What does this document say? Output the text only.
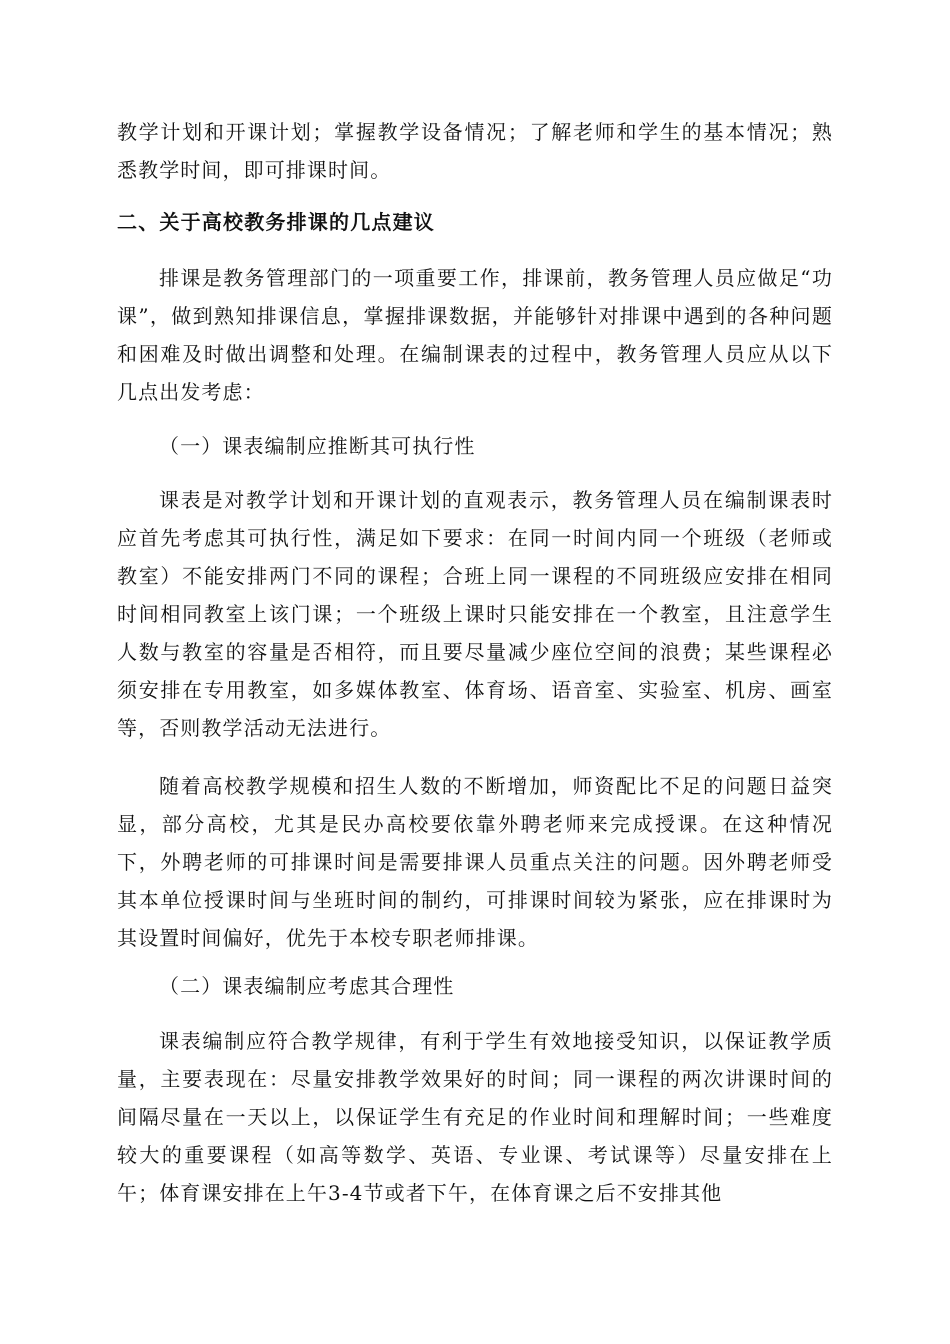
教学计划和开课计划；掌握教学设备情况；了解老师和学生的基本情况；熟悉教学时间，即可排课时间。

二、关于高校教务排课的几点建议

排课是教务管理部门的一项重要工作，排课前，教务管理人员应做足“功课”，做到熟知排课信息，掌握排课数据，并能够针对排课中遇到的各种问题和困难及时做出调整和处理。在编制课表的过程中，教务管理人员应从以下几点出发考虑：

（一）课表编制应推断其可执行性

课表是对教学计划和开课计划的直观表示，教务管理人员在编制课表时应首先考虑其可执行性，满足如下要求：在同一时间内同一个班级（老师或教室）不能安排两门不同的课程；合班上同一课程的不同班级应安排在相同时间相同教室上该门课；一个班级上课时只能安排在一个教室，且注意学生人数与教室的容量是否相符，而且要尽量减少座位空间的浪费；某些课程必须安排在专用教室，如多媒体教室、体育场、语音室、实验室、机房、画室等，否则教学活动无法进行。

随着高校教学规模和招生人数的不断增加，师资配比不足的问题日益突显，部分高校，尤其是民办高校要依靠外聘老师来完成授课。在这种情况下，外聘老师的可排课时间是需要排课人员重点关注的问题。因外聘老师受其本单位授课时间与坐班时间的制约，可排课时间较为紧张，应在排课时为其设置时间偏好，优先于本校专职老师排课。

（二）课表编制应考虑其合理性

课表编制应符合教学规律，有利于学生有效地接受知识，以保证教学质量，主要表现在：尽量安排教学效果好的时间；同一课程的两次讲课时间的间隔尽量在一天以上，以保证学生有充足的作业时间和理解时间；一些难度较大的重要课程（如高等数学、英语、专业课、考试课等）尽量安排在上午；体育课安排在上午3-4节或者下午，在体育课之后不安排其他
